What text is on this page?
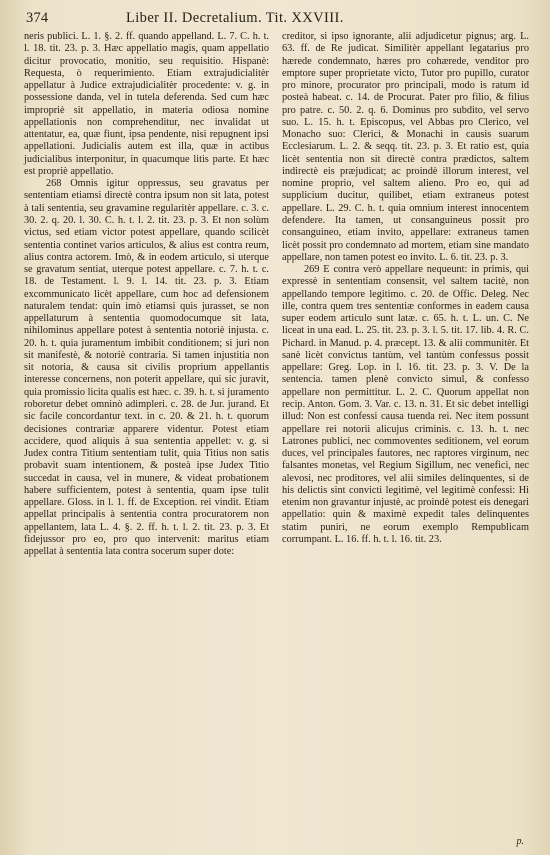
374	Liber II. Decretalium. Tit. XXVIII.

neris publici. L. 1. §. 2. ff. quando appelland. L. 7. C. h. t. l. 18. tit. 23. p. 3. Hæc appellatio magis, quam appellatio dicitur provocatio, monitio, seu requisitio. Hispanè: Requesta, ò requerimiento. Etiam extrajudicialitèr appellatur à Judice extrajudicialitèr procedente: v. g. in possessione danda, vel in tutela deferenda. Sed cum hæc impropriè sit appellatio, in materia odiosa nomine appellationis non comprehenditur, nec invalidat ut attentatur, ea, quæ fiunt, ipsa pendente, nisi repugnent ipsi appellationi. Judicialis autem est illa, quæ in actibus judicialibus interponitur, in quacumque litis parte. Et hæc est propriè appellatio.

268 Omnis igitur oppressus, seu gravatus per sententiam etiamsi directè contra ipsum non sit lata, potest à tali sententia, seu gravamine regularitèr appellare. c. 3. c. 30. 2. q. 20. l. 30. C. h. t. l. 2. tit. 23. p. 3. Et non solùm victus, sed etiam victor potest appellare, quando scilicèt sententia continet varios articulos, & alius est contra reum, alius contra actorem. Imò, & in eodem articulo, si uterque se gravatum sentiat, uterque potest appellare. c. 7. h. t. c. 18. de Testament. l. 9. l. 14. tit. 23. p. 3. Etiam excommunicato licèt appellare, cum hoc ad defensionem naturalem tendat: quin imò etiamsi quis jurasset, se non appellaturum à sententia quomodocumque sit lata, nihilominus appellare potest à sententia notoriè injusta. c. 20. h. t. quia juramentum imbibit conditionem; si juri non sit manifestè, & notoriè contraria. Si tamen injustitia non sit notoria, & causa sit civilis proprium appellantis interesse concernens, non poterit appellare, qui sic juravit, quia promissio licita qualis est hæc. c. 39. h. t. si juramento roboretur debet omninò adimpleri. c. 28. de Jur. jurand. Et sic facile concordantur text. in c. 20. & 21. h. t. quorum decisiones contrariæ apparere videntur. Potest etiam accidere, quod aliquis à sua sententia appellet: v. g. si Judex contra Titium sententiam tulit, quia Titius non satis probavit suam intentionem, & posteà ipse Judex Titio succedat in causa, vel in munere, & videat probationem habere sufficientem, potest à sententia, quam ipse tulit appellare. Gloss. in l. 1. ff. de Exception. rei vindit. Etiam appellat principalis à sententia contra procuratorem non appellantem, lata L. 4. §. 2. ff. h. t. l. 2. tit. 23. p. 3. Et fidejussor pro eo, pro quo intervenit: maritus etiam appellat à sententia lata contra socerum super dote:

creditor, si ipso ignorante, alii adjudicetur pignus; arg. L. 63. ff. de Re judicat. Similitèr appellant legatarius pro hærede condemnato, hæres pro cohærede, venditor pro emptore super proprietate victo, Tutor pro pupillo, curator pro minore, procurator pro principali, modo is ratum id posteà habeat. c. 14. de Procurat. Pater pro filio, & filius pro patre. c. 50. 2. q. 6. Dominus pro subdito, vel servo suo. L. 15. h. t. Episcopus, vel Abbas pro Clerico, vel Monacho suo: Clerici, & Monachi in causis suarum Ecclesiarum. L. 2. & seqq. tit. 23. p. 3. Et ratio est, quia licèt sententia non sit directè contra prædictos, saltem indirectè eis præjudicat; ac proindè illorum interest, vel nomine proprio, vel saltem alieno. Pro eo, qui ad supplicium ducitur, quilibet, etiam extraneus potest appellare. L. 29. C. h. t. quia omnium interest innocentem defendere. Ita tamen, ut consanguineus possit pro consanguineo, etiam invito, appellare: extraneus tamen licèt possit pro condemnato ad mortem, etiam sine mandato appellare, non tamen potest eo invito. L. 6. tit. 23. p. 3.

269 E contra verò appellare nequeunt: in primis, qui expressè in sententiam consensit, vel saltem tacitè, non appellando tempore legitimo. c. 20. de Offic. Deleg. Nec ille, contra quem tres sententiæ conformes in eadem causa super eodem articulo sunt latæ. c. 65. h. t. L. un. C. Ne liceat in una ead. L. 25. tit. 23. p. 3. l. 5. tit. 17. lib. 4. R. C. Pichard. in Manud. p. 4. præcept. 13. & alii communitèr. Et sanè licèt convictus tantùm, vel tantùm confessus possit appellare: Greg. Lop. in l. 16. tit. 23. p. 3. V. De la sentencia. tamen plenè convicto simul, & confesso appellare non permittitur. L. 2. C. Quorum appellat non recip. Anton. Gom. 3. Var. c. 13. n. 31. Et sic debet intelligi illud: Non est confessi causa tuenda rei. Nec item possunt appellare rei notorii alicujus criminis. c. 13. h. t. nec Latrones publici, nec commoventes seditionem, vel eorum duces, vel principales fautores, nec raptores virginum, nec falsantes monetas, vel Regium Sigillum, nec venefici, nec alevosi, nec proditores, vel alii similes delinquentes, si de his delictis sint convicti legitimè, vel legitimè confessi: Hi etenim non gravantur injustè, ac proindè potest eis denegari appellatio: quin & maximè expedit tales delinquentes statim puniri, ne eorum exemplo Rempublicam corrumpant. L. 16. ff. h. t. l. 16. tit. 23.

p.
